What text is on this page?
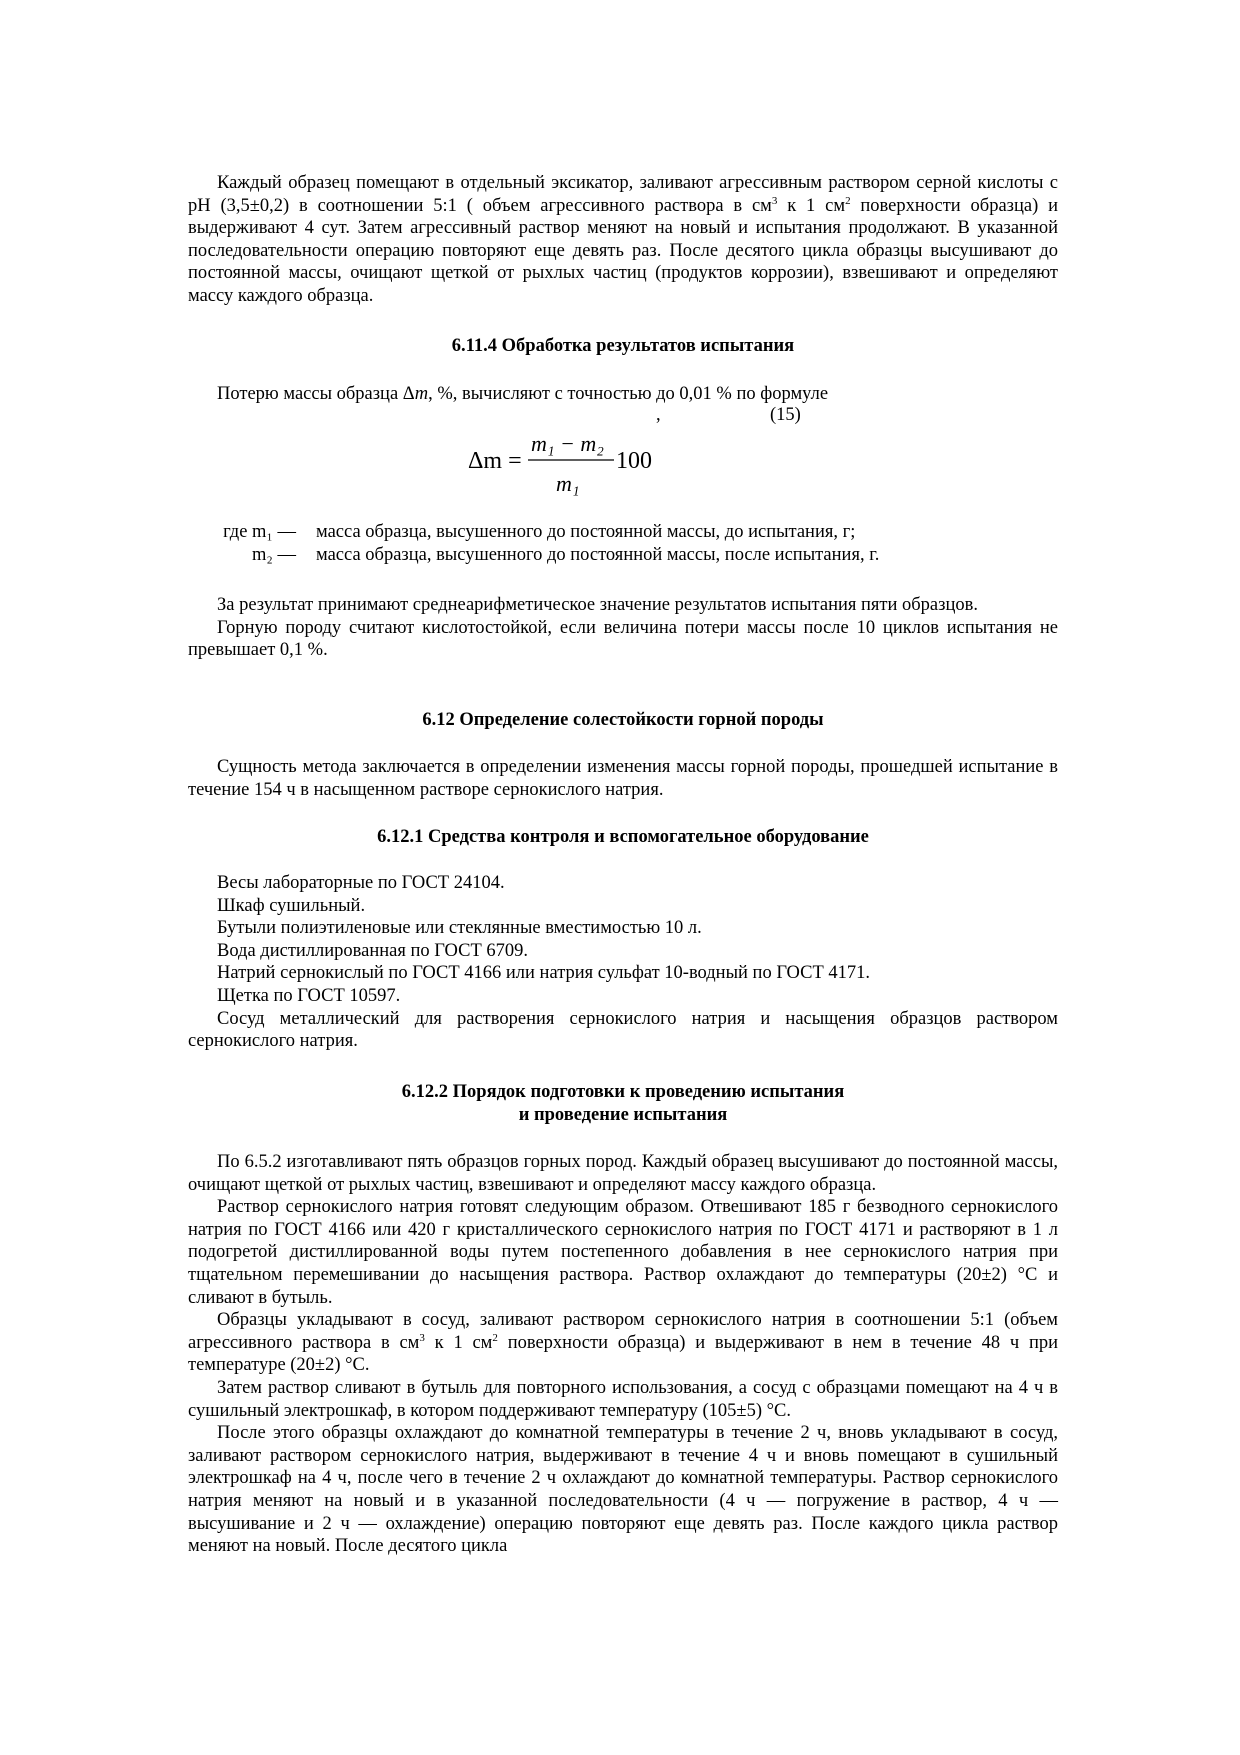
Каждый образец помещают в отдельный эксикатор, заливают агрессивным раствором серной кислоты с pH (3,5±0,2) в соотношении 5:1 ( объем агрессивного раствора в $см^3$ к 1 $см^2$ поверхности образца) и выдерживают 4 сут. Затем агрессивный раствор меняют на новый и испытания продолжают. В указанной последовательности операцию повторяют еще девять раз. После десятого цикла образцы высушивают до постоянной массы, очищают щеткой от рыхлых частиц (продуктов коррозии), взвешивают и определяют массу каждого образца.

6.11.4 Обработка результатов испытания

Потерю массы образца Δm, %, вычисляют с точностью до 0,01 % по формуле

,	(15)
Δm =
m₁ − m₂
m₁
100
где m₁ — масса образца, высушенного до постоянной массы, до испытания, г;
m₂ — масса образца, высушенного до постоянной массы, после испытания, г.

За результат принимают среднеарифметическое значение результатов испытания пяти образцов.

Горную породу считают кислотостойкой, если величина потери массы после 10 циклов испытания не превышает 0,1 %.

6.12 Определение солестойкости горной породы

Сущность метода заключается в определении изменения массы горной породы, прошедшей испытание в течение 154 ч в насыщенном растворе сернокислого натрия.

6.12.1 Средства контроля и вспомогательное оборудование

Весы лабораторные по ГОСТ 24104.

Шкаф сушильный.

Бутыли полиэтиленовые или стеклянные вместимостью 10 л.

Вода дистиллированная по ГОСТ 6709.

Натрий сернокислый по ГОСТ 4166 или натрия сульфат 10-водный по ГОСТ 4171.

Щетка по ГОСТ 10597.

Сосуд металлический для растворения сернокислого натрия и насыщения образцов раствором сернокислого натрия.

6.12.2 Порядок подготовки к проведению испытания
и проведение испытания

По 6.5.2 изготавливают пять образцов горных пород. Каждый образец высушивают до постоянной массы, очищают щеткой от рыхлых частиц, взвешивают и определяют массу каждого образца.

Раствор сернокислого натрия готовят следующим образом. Отвешивают 185 г безводного сернокислого натрия по ГОСТ 4166 или 420 г кристаллического сернокислого натрия по ГОСТ 4171 и растворяют в 1 л подогретой дистиллированной воды путем постепенного добавления в нее сернокислого натрия при тщательном перемешивании до насыщения раствора. Раствор охлаждают до температуры (20±2) °С и сливают в бутыль.

Образцы укладывают в сосуд, заливают раствором сернокислого натрия в соотношении 5:1 (объем агрессивного раствора в $см^3$ к 1 $см^2$ поверхности образца) и выдерживают в нем в течение 48 ч при температуре (20±2) °С.

Затем раствор сливают в бутыль для повторного использования, а сосуд с образцами помещают на 4 ч в сушильный электрошкаф, в котором поддерживают температуру (105±5) °С.

После этого образцы охлаждают до комнатной температуры в течение 2 ч, вновь укладывают в сосуд, заливают раствором сернокислого натрия, выдерживают в течение 4 ч и вновь помещают в сушильный электрошкаф на 4 ч, после чего в течение 2 ч охлаждают до комнатной температуры. Раствор сернокислого натрия меняют на новый и в указанной последовательности (4 ч — погружение в раствор, 4 ч — высушивание и 2 ч — охлаждение) операцию повторяют еще девять раз. После каждого цикла раствор меняют на новый. После десятого цикла
